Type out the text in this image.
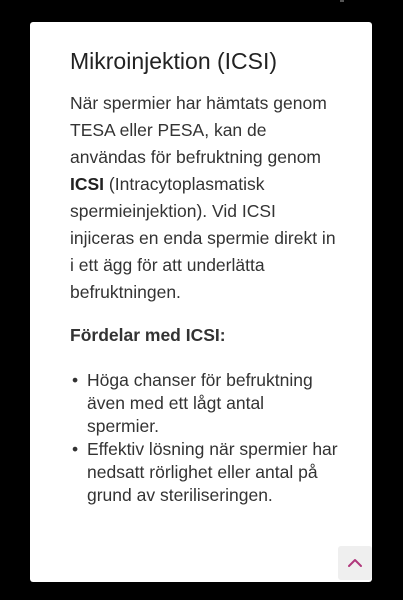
Mikroinjektion (ICSI)

När spermier har hämtats genom TESA eller PESA, kan de användas för befruktning genom ICSI (Intracytoplasmatisk spermieinjektion). Vid ICSI injiceras en enda spermie direkt in i ett ägg för att underlätta befruktningen.

Fördelar med ICSI:

• Höga chanser för befruktning även med ett lågt antal spermier.
• Effektiv lösning när spermier har nedsatt rörlighet eller antal på grund av steriliseringen.
